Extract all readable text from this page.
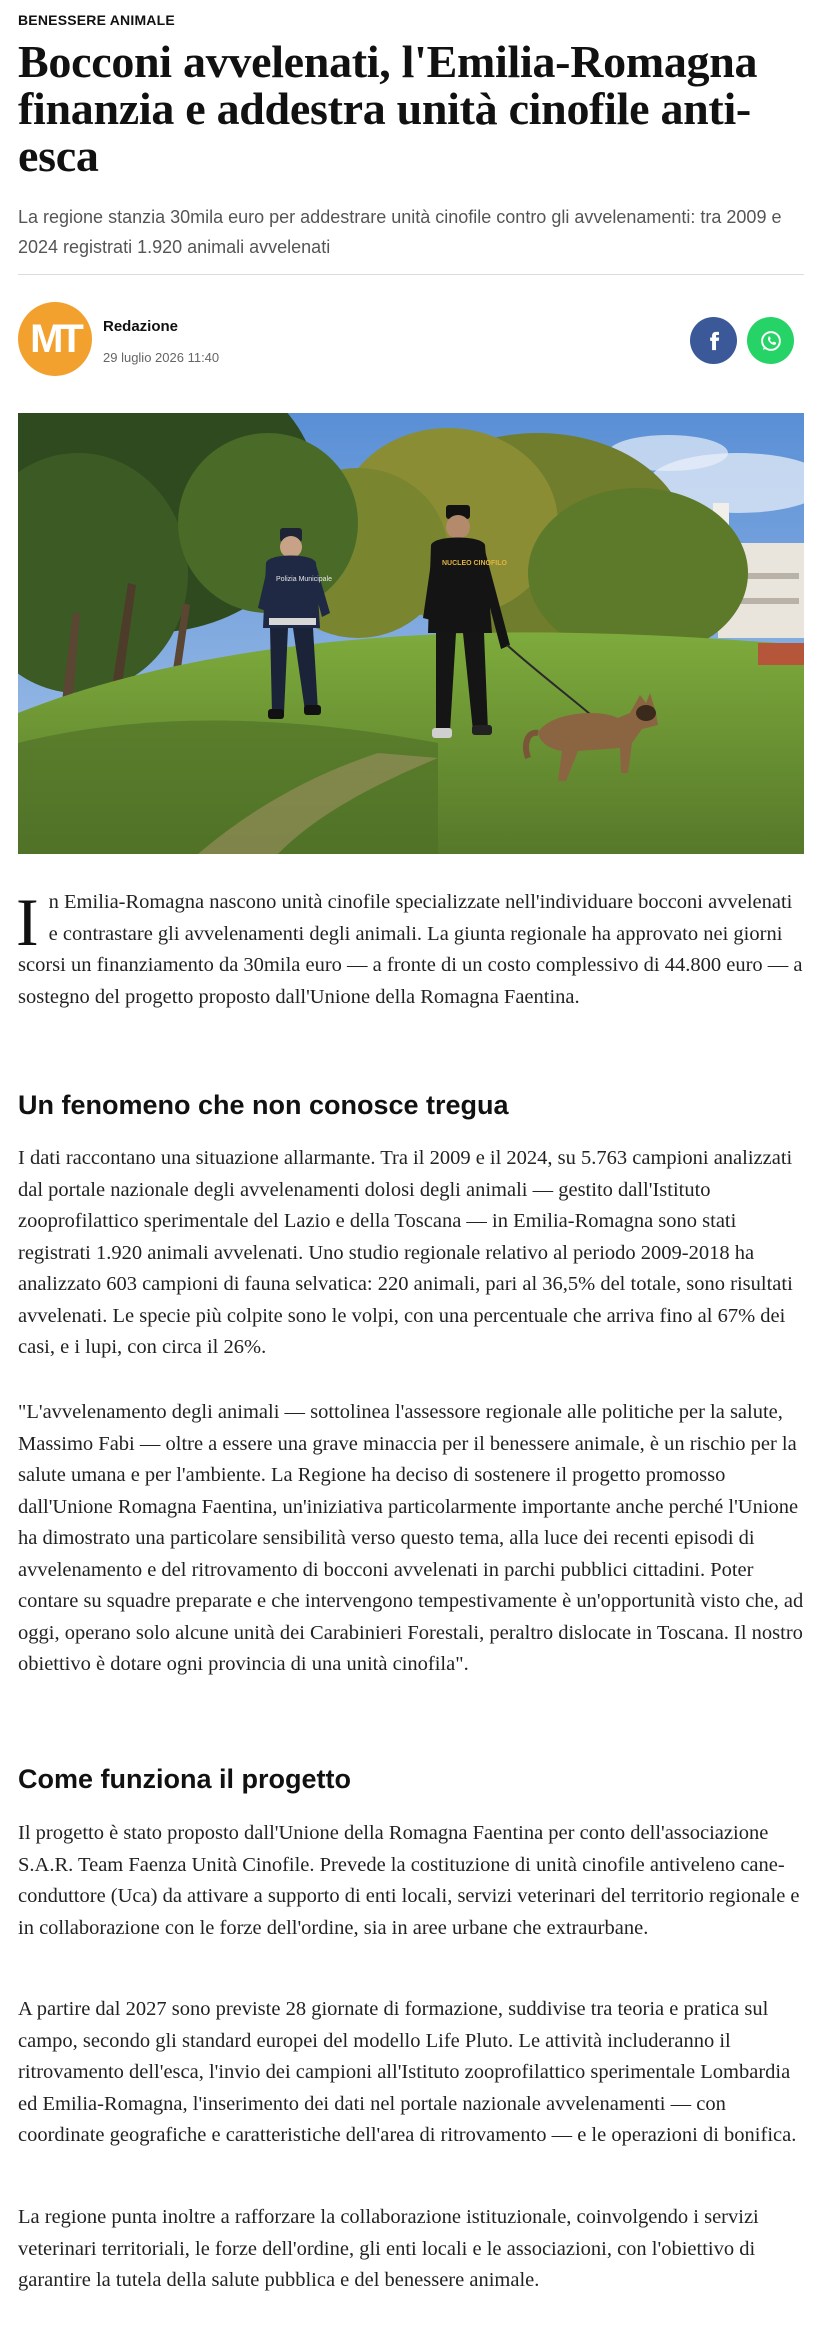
BENESSERE ANIMALE
Bocconi avvelenati, l'Emilia-Romagna finanzia e addestra unità cinofile anti-esca

La regione stanzia 30mila euro per addestrare unità cinofile contro gli avvelenamenti: tra 2009 e 2024 registrati 1.920 animali avvelenati

MT	Redazione
29 luglio 2026 11:40
Polizia Municipale
NUCLEO CINOFILO

In Emilia-Romagna nascono unità cinofile specializzate nell'individuare bocconi avvelenati e contrastare gli avvelenamenti degli animali. La giunta regionale ha approvato nei giorni scorsi un finanziamento da 30mila euro — a fronte di un costo complessivo di 44.800 euro — a sostegno del progetto proposto dall'Unione della Romagna Faentina.

Un fenomeno che non conosce tregua

I dati raccontano una situazione allarmante. Tra il 2009 e il 2024, su 5.763 campioni analizzati dal portale nazionale degli avvelenamenti dolosi degli animali — gestito dall'Istituto zooprofilattico sperimentale del Lazio e della Toscana — in Emilia-Romagna sono stati registrati 1.920 animali avvelenati. Uno studio regionale relativo al periodo 2009-2018 ha analizzato 603 campioni di fauna selvatica: 220 animali, pari al 36,5% del totale, sono risultati avvelenati. Le specie più colpite sono le volpi, con una percentuale che arriva fino al 67% dei casi, e i lupi, con circa il 26%.

"L'avvelenamento degli animali — sottolinea l'assessore regionale alle politiche per la salute, Massimo Fabi — oltre a essere una grave minaccia per il benessere animale, è un rischio per la salute umana e per l'ambiente. La Regione ha deciso di sostenere il progetto promosso dall'Unione Romagna Faentina, un'iniziativa particolarmente importante anche perché l'Unione ha dimostrato una particolare sensibilità verso questo tema, alla luce dei recenti episodi di avvelenamento e del ritrovamento di bocconi avvelenati in parchi pubblici cittadini. Poter contare su squadre preparate e che intervengono tempestivamente è un'opportunità visto che, ad oggi, operano solo alcune unità dei Carabinieri Forestali, peraltro dislocate in Toscana. Il nostro obiettivo è dotare ogni provincia di una unità cinofila".

Come funziona il progetto

Il progetto è stato proposto dall'Unione della Romagna Faentina per conto dell'associazione S.A.R. Team Faenza Unità Cinofile. Prevede la costituzione di unità cinofile antiveleno cane-conduttore (Uca) da attivare a supporto di enti locali, servizi veterinari del territorio regionale e in collaborazione con le forze dell'ordine, sia in aree urbane che extraurbane.

A partire dal 2027 sono previste 28 giornate di formazione, suddivise tra teoria e pratica sul campo, secondo gli standard europei del modello Life Pluto. Le attività includeranno il ritrovamento dell'esca, l'invio dei campioni all'Istituto zooprofilattico sperimentale Lombardia ed Emilia-Romagna, l'inserimento dei dati nel portale nazionale avvelenamenti — con coordinate geografiche e caratteristiche dell'area di ritrovamento — e le operazioni di bonifica.

La regione punta inoltre a rafforzare la collaborazione istituzionale, coinvolgendo i servizi veterinari territoriali, le forze dell'ordine, gli enti locali e le associazioni, con l'obiettivo di garantire la tutela della salute pubblica e del benessere animale.
